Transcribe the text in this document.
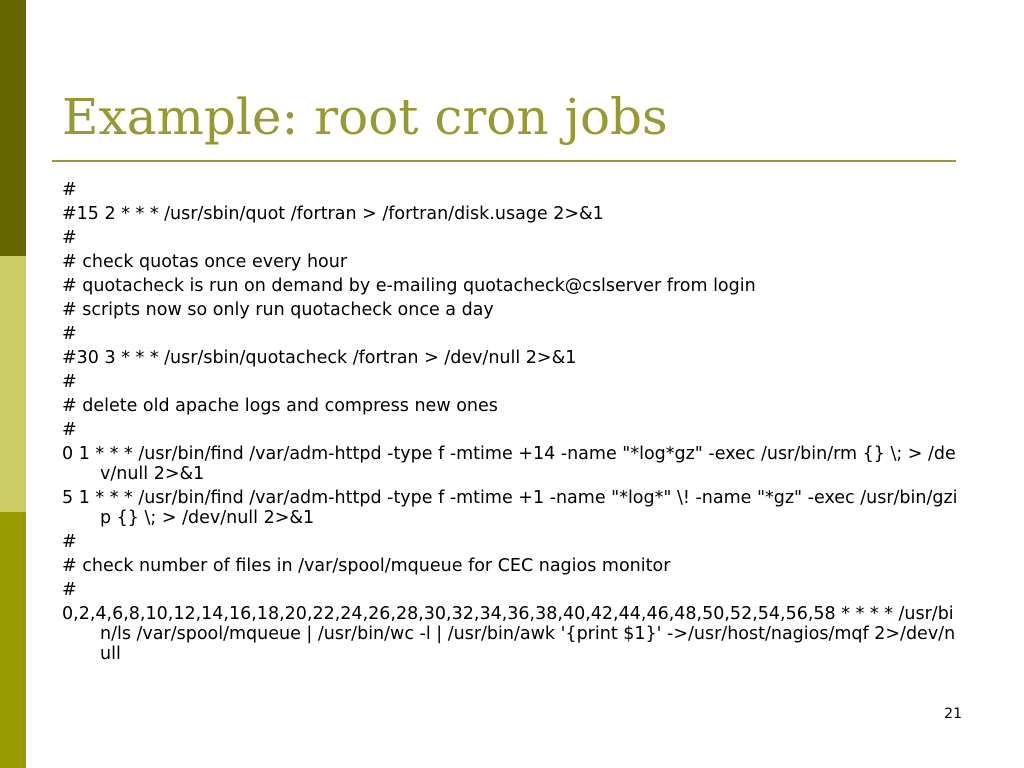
Example: root cron jobs
#
#15 2 * * * /usr/sbin/quot /fortran > /fortran/disk.usage 2>&1
#
# check quotas once every hour
# quotacheck is run on demand by e-mailing quotacheck@cslserver from login
# scripts now so only run quotacheck once a day
#
#30 3 * * * /usr/sbin/quotacheck /fortran > /dev/null 2>&1
#
# delete old apache logs and compress new ones
#
0 1 * * * /usr/bin/find /var/adm-httpd -type f -mtime +14 -name "*log*gz" -exec /usr/bin/rm {} \; > /dev/null 2>&1
5 1 * * * /usr/bin/find /var/adm-httpd -type f -mtime +1 -name "*log*" \! -name "*gz" -exec /usr/bin/gzip {} \; > /dev/null 2>&1
#
# check number of files in /var/spool/mqueue for CEC nagios monitor
#
0,2,4,6,8,10,12,14,16,18,20,22,24,26,28,30,32,34,36,38,40,42,44,46,48,50,52,54,56,58 * * * * /usr/bin/ls /var/spool/mqueue | /usr/bin/wc -l | /usr/bin/awk '{print $1}' ->/usr/host/nagios/mqf 2>/dev/null
21
